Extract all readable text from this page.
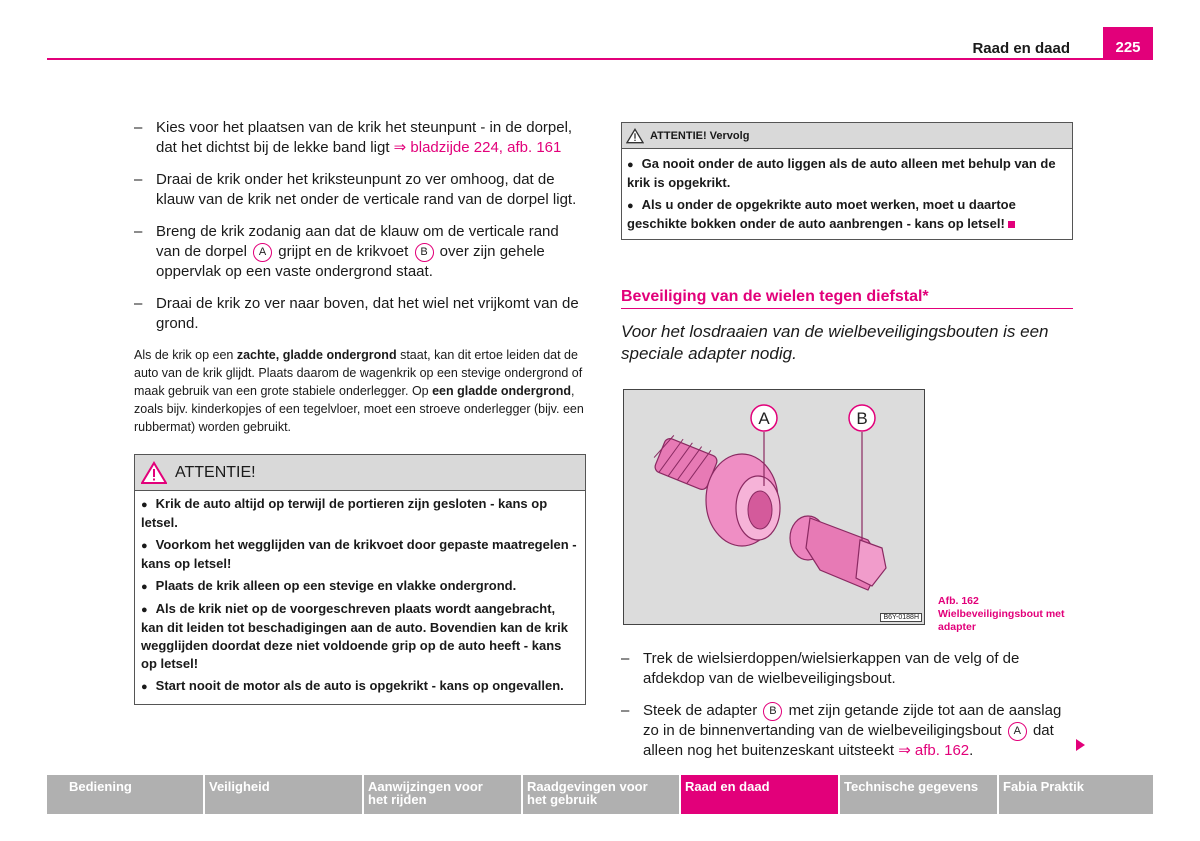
225
Raad en daad
– Kies voor het plaatsen van de krik het steunpunt - in de dorpel, dat het dichtst bij de lekke band ligt ⇒ bladzijde 224, afb. 161
– Draai de krik onder het kriksteunpunt zo ver omhoog, dat de klauw van de krik net onder de verticale rand van de dorpel ligt.
– Breng de krik zodanig aan dat de klauw om de verticale rand van de dorpel A grijpt en de krikvoet B over zijn gehele oppervlak op een vaste ondergrond staat.
– Draai de krik zo ver naar boven, dat het wiel net vrijkomt van de grond.

Als de krik op een zachte, gladde ondergrond staat, kan dit ertoe leiden dat de auto van de krik glijdt. Plaats daarom de wagenkrik op een stevige ondergrond of maak gebruik van een grote stabiele onderlegger. Op een gladde ondergrond, zoals bijv. kinderkopjes of een tegelvloer, moet een stroeve onderlegger (bijv. een rubbermat) worden gebruikt.

ATTENTIE!
● Krik de auto altijd op terwijl de portieren zijn gesloten - kans op letsel.
● Voorkom het wegglijden van de krikvoet door gepaste maatregelen - kans op letsel!
● Plaats de krik alleen op een stevige en vlakke ondergrond.
● Als de krik niet op de voorgeschreven plaats wordt aangebracht, kan dit leiden tot beschadigingen aan de auto. Bovendien kan de krik wegglijden doordat deze niet voldoende grip op de auto heeft - kans op letsel!
● Start nooit de motor als de auto is opgekrikt - kans op ongevallen.
ATTENTIE! Vervolg
● Ga nooit onder de auto liggen als de auto alleen met behulp van de krik is opgekrikt.
● Als u onder de opgekrikte auto moet werken, moet u daartoe geschikte bokken onder de auto aanbrengen - kans op letsel!
Beveiliging van de wielen tegen diefstal*
Voor het losdraaien van de wielbeveiligingsbouten is een speciale adapter nodig.
A	B
B6Y-0188H
Afb. 162 Wielbeveiligingsbout met adapter
– Trek de wielsierdoppen/wielsierkappen van de velg of de afdekdop van de wielbeveiligingsbout.
– Steek de adapter B met zijn getande zijde tot aan de aanslag zo in de binnenvertanding van de wielbeveiligingsbout A dat alleen nog het buitenzeskant uitsteekt ⇒ afb. 162.
Bediening	Veiligheid	Aanwijzingen voor het rijden
Raadgevingen voor het gebruik
Raad en daad	Technische gegevens	Fabia Praktik
